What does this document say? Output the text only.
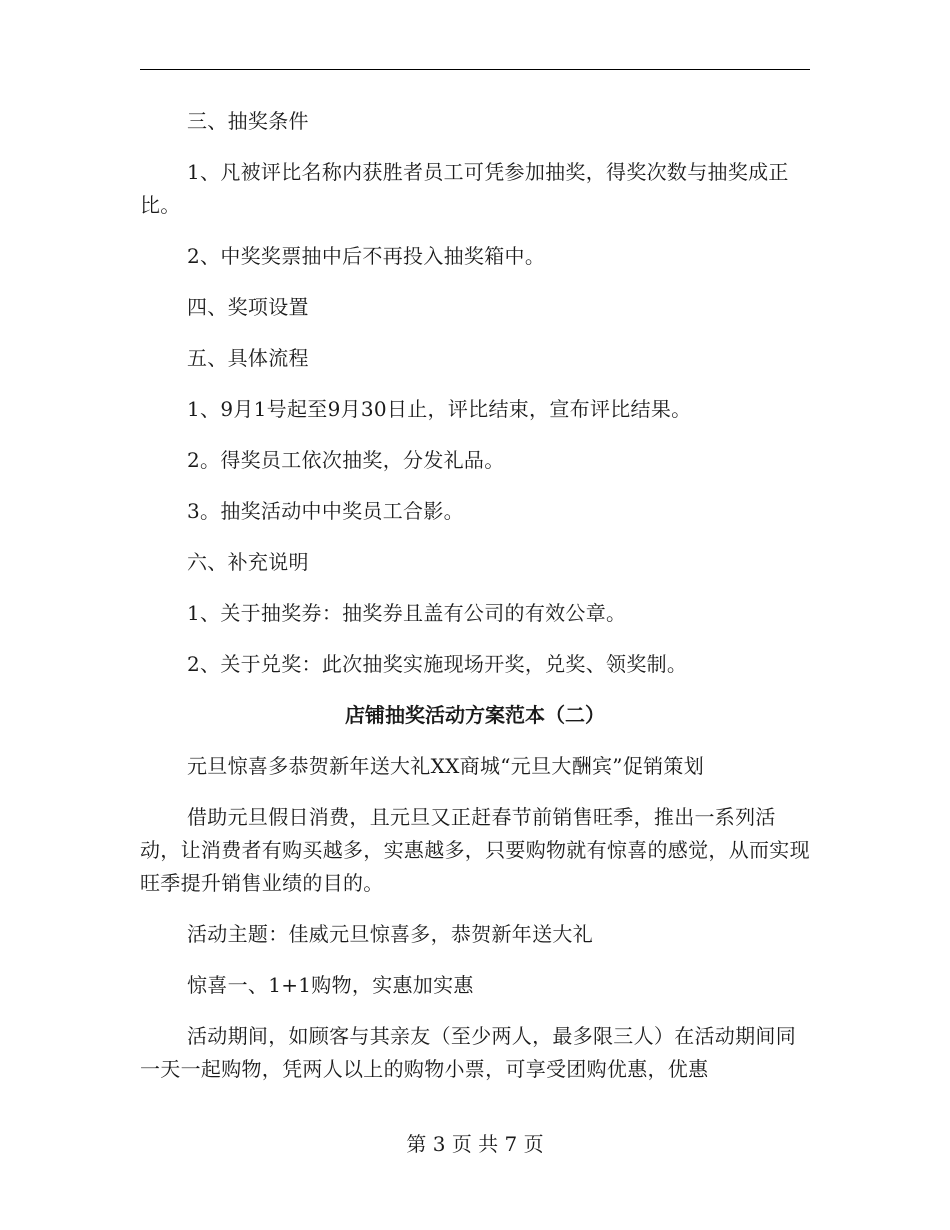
三、抽奖条件

1、凡被评比名称内获胜者员工可凭参加抽奖，得奖次数与抽奖成正比。

2、中奖奖票抽中后不再投入抽奖箱中。

四、奖项设置

五、具体流程

1、9月1号起至9月30日止，评比结束，宣布评比结果。

2。得奖员工依次抽奖，分发礼品。

3。抽奖活动中中奖员工合影。

六、补充说明

1、关于抽奖券：抽奖券且盖有公司的有效公章。

2、关于兑奖：此次抽奖实施现场开奖，兑奖、领奖制。

店铺抽奖活动方案范本（二）

元旦惊喜多恭贺新年送大礼XX商城“元旦大酬宾”促销策划

借助元旦假日消费，且元旦又正赶春节前销售旺季，推出一系列活动，让消费者有购买越多，实惠越多，只要购物就有惊喜的感觉，从而实现旺季提升销售业绩的目的。

活动主题：佳威元旦惊喜多，恭贺新年送大礼

惊喜一、1+1购物，实惠加实惠

活动期间，如顾客与其亲友（至少两人，最多限三人）在活动期间同一天一起购物，凭两人以上的购物小票，可享受团购优惠，优惠

第 3 页 共 7 页
